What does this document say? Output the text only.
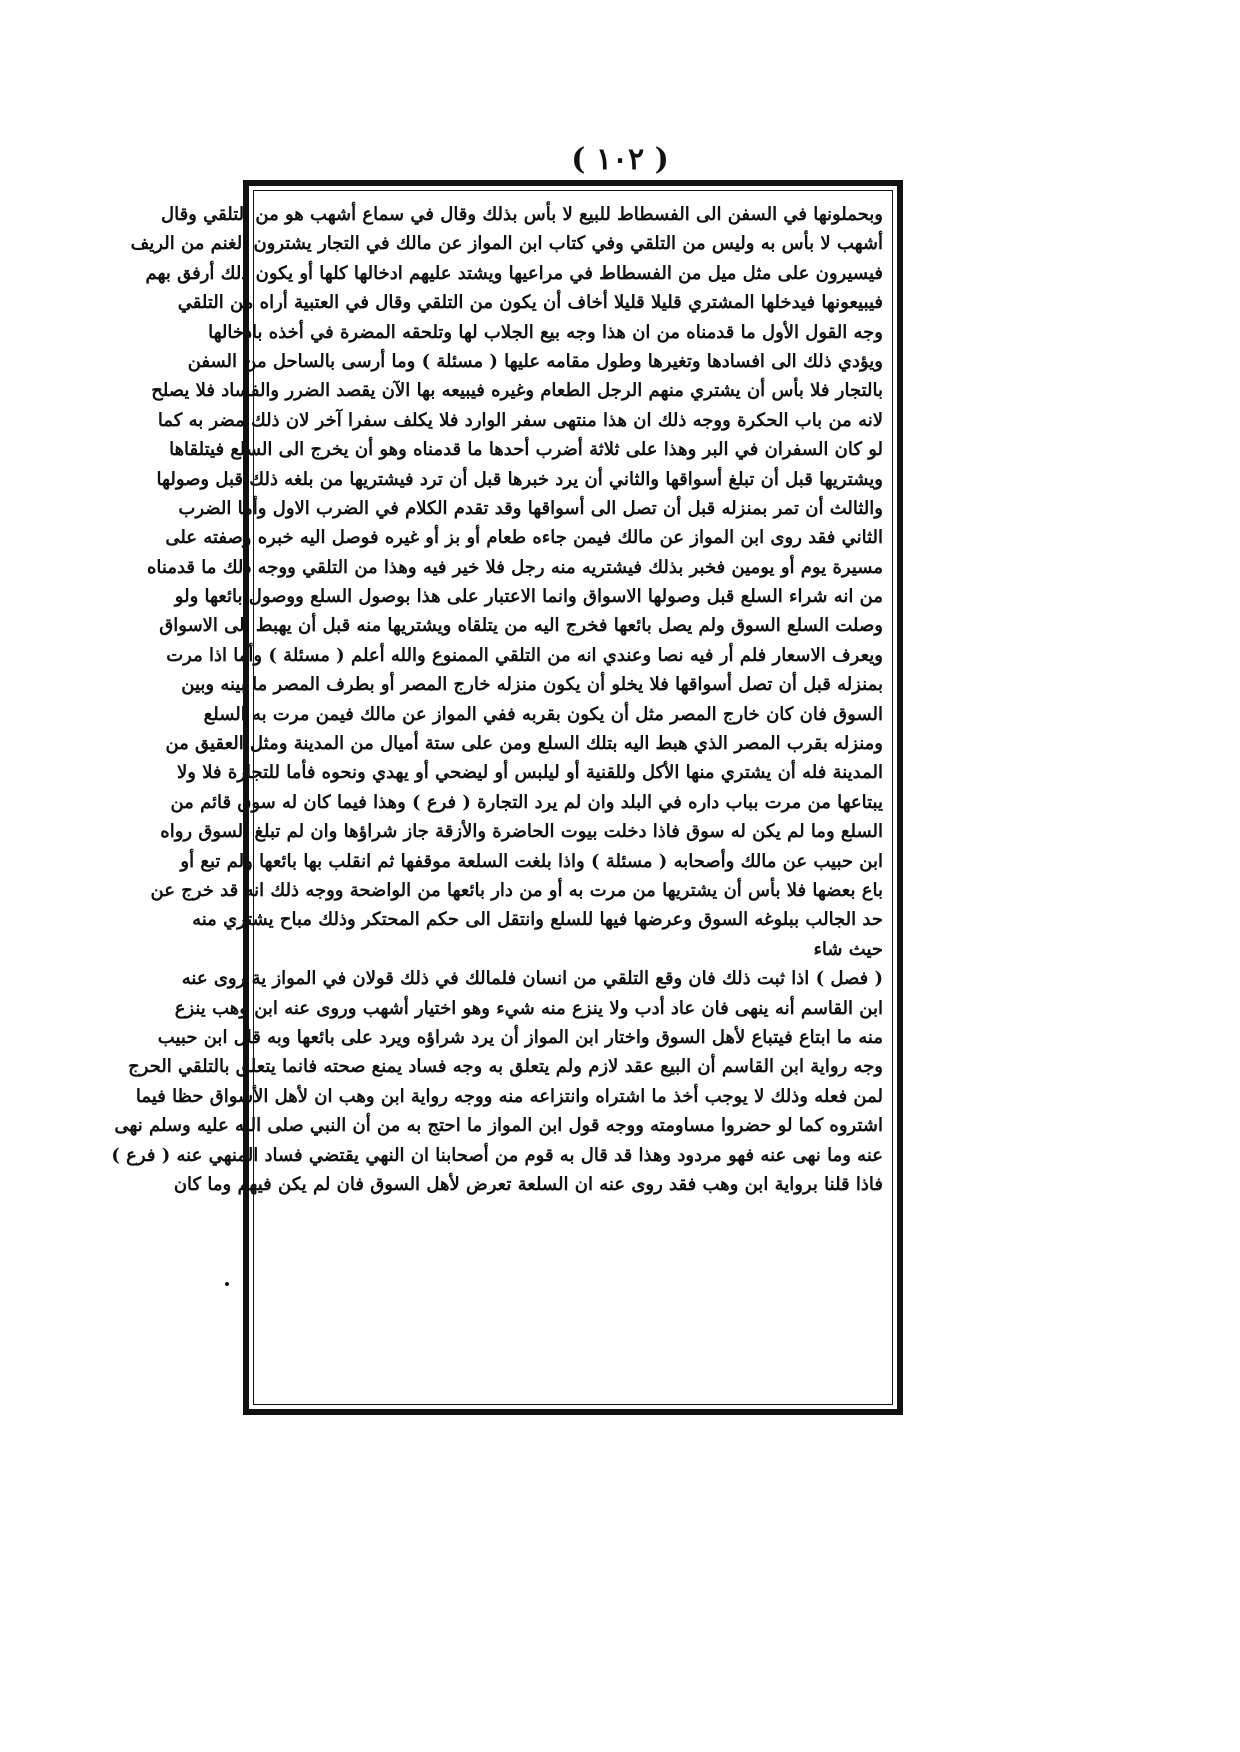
( ١٠٢ )
وبحملونها في السفن الى الفسطاط للبيع لا بأس بذلك وقال في سماع أشهب هو من التلقي وقال
أشهب لا بأس به وليس من التلقي وفي كتاب ابن المواز عن مالك في التجار يشترون الغنم من الريف
فيسيرون على مثل ميل من الفسطاط في مراعيها ويشتد عليهم ادخالها كلها أو يكون ذلك أرفق بهم
فيبيعونها فيدخلها المشتري قليلا قليلا أخاف أن يكون من التلقي وقال في العتبية أراه من التلقي
وجه القول الأول ما قدمناه من ان هذا وجه بيع الجلاب لها وتلحقه المضرة في أخذه بادخالها
ويؤدي ذلك الى افسادها وتغيرها وطول مقامه عليها ( مسئلة ) وما أرسى بالساحل من السفن
بالتجار فلا بأس أن يشتري منهم الرجل الطعام وغيره فيبيعه بها الآن يقصد الضرر والفساد فلا يصلح
لانه من باب الحكرة ووجه ذلك ان هذا منتهى سفر الوارد فلا يكلف سفرا آخر لان ذلك مضر به كما
لو كان السفران في البر وهذا على ثلاثة أضرب أحدها ما قدمناه وهو أن يخرج الى السلع فيتلقاها
ويشتريها قبل أن تبلغ أسواقها والثاني أن يرد خبرها قبل أن ترد فيشتريها من بلغه ذلك قبل وصولها
والثالث أن تمر بمنزله قبل أن تصل الى أسواقها وقد تقدم الكلام في الضرب الاول وأما الضرب
الثاني فقد روى ابن المواز عن مالك فيمن جاءه طعام أو بز أو غيره فوصل اليه خبره وصفته على
مسيرة يوم أو يومين فخبر بذلك فيشتريه منه رجل فلا خير فيه وهذا من التلقي ووجه ذلك ما قدمناه
من انه شراء السلع قبل وصولها الاسواق وانما الاعتبار على هذا بوصول السلع ووصول بائعها ولو
وصلت السلع السوق ولم يصل بائعها فخرج اليه من يتلقاه ويشتريها منه قبل أن يهبط الى الاسواق
ويعرف الاسعار فلم أر فيه نصا وعندي انه من التلقي الممنوع والله أعلم ( مسئلة ) وأما اذا مرت
بمنزله قبل أن تصل أسواقها فلا يخلو أن يكون منزله خارج المصر أو بطرف المصر ما بينه وبين
السوق فان كان خارج المصر مثل أن يكون بقربه ففي المواز عن مالك فيمن مرت به السلع
ومنزله بقرب المصر الذي هبط اليه بتلك السلع ومن على ستة أميال من المدينة ومثل العقيق من
المدينة فله أن يشتري منها الأكل وللقنية أو ليلبس أو ليضحي أو يهدي ونحوه فأما للتجارة فلا ولا
يبتاعها من مرت بباب داره في البلد وان لم يرد التجارة ( فرع ) وهذا فيما كان له سوق قائم من
السلع وما لم يكن له سوق فاذا دخلت بيوت الحاضرة والأزقة جاز شراؤها وان لم تبلغ السوق رواه
ابن حبيب عن مالك وأصحابه ( مسئلة ) واذا بلغت السلعة موقفها ثم انقلب بها بائعها ولم تبع أو
باع بعضها فلا بأس أن يشتريها من مرت به أو من دار بائعها من الواضحة ووجه ذلك انه قد خرج عن
حد الجالب ببلوغه السوق وعرضها فيها للسلع وانتقل الى حكم المحتكر وذلك مباح يشتري منه
حيث شاء
( فصل ) اذا ثبت ذلك فان وقع التلقي من انسان فلمالك في ذلك قولان في المواز ية روى عنه
ابن القاسم أنه ينهى فان عاد أدب ولا ينزع منه شيء وهو اختيار أشهب وروى عنه ابن وهب ينزع
منه ما ابتاع فيتباع لأهل السوق واختار ابن المواز أن يرد شراؤه ويرد على بائعها وبه قال ابن حبيب
وجه رواية ابن القاسم أن البيع عقد لازم ولم يتعلق به وجه فساد يمنع صحته فانما يتعلق بالتلقي الحرج
لمن فعله وذلك لا يوجب أخذ ما اشتراه وانتزاعه منه ووجه رواية ابن وهب ان لأهل الأسواق حظا فيما
اشتروه كما لو حضروا مساومته ووجه قول ابن المواز ما احتج به من أن النبي صلى الله عليه وسلم نهى
عنه وما نهى عنه فهو مردود وهذا قد قال به قوم من أصحابنا ان النهي يقتضي فساد المنهي عنه ( فرع )
فاذا قلنا برواية ابن وهب فقد روى عنه ان السلعة تعرض لأهل السوق فان لم يكن فيهم وما كان
